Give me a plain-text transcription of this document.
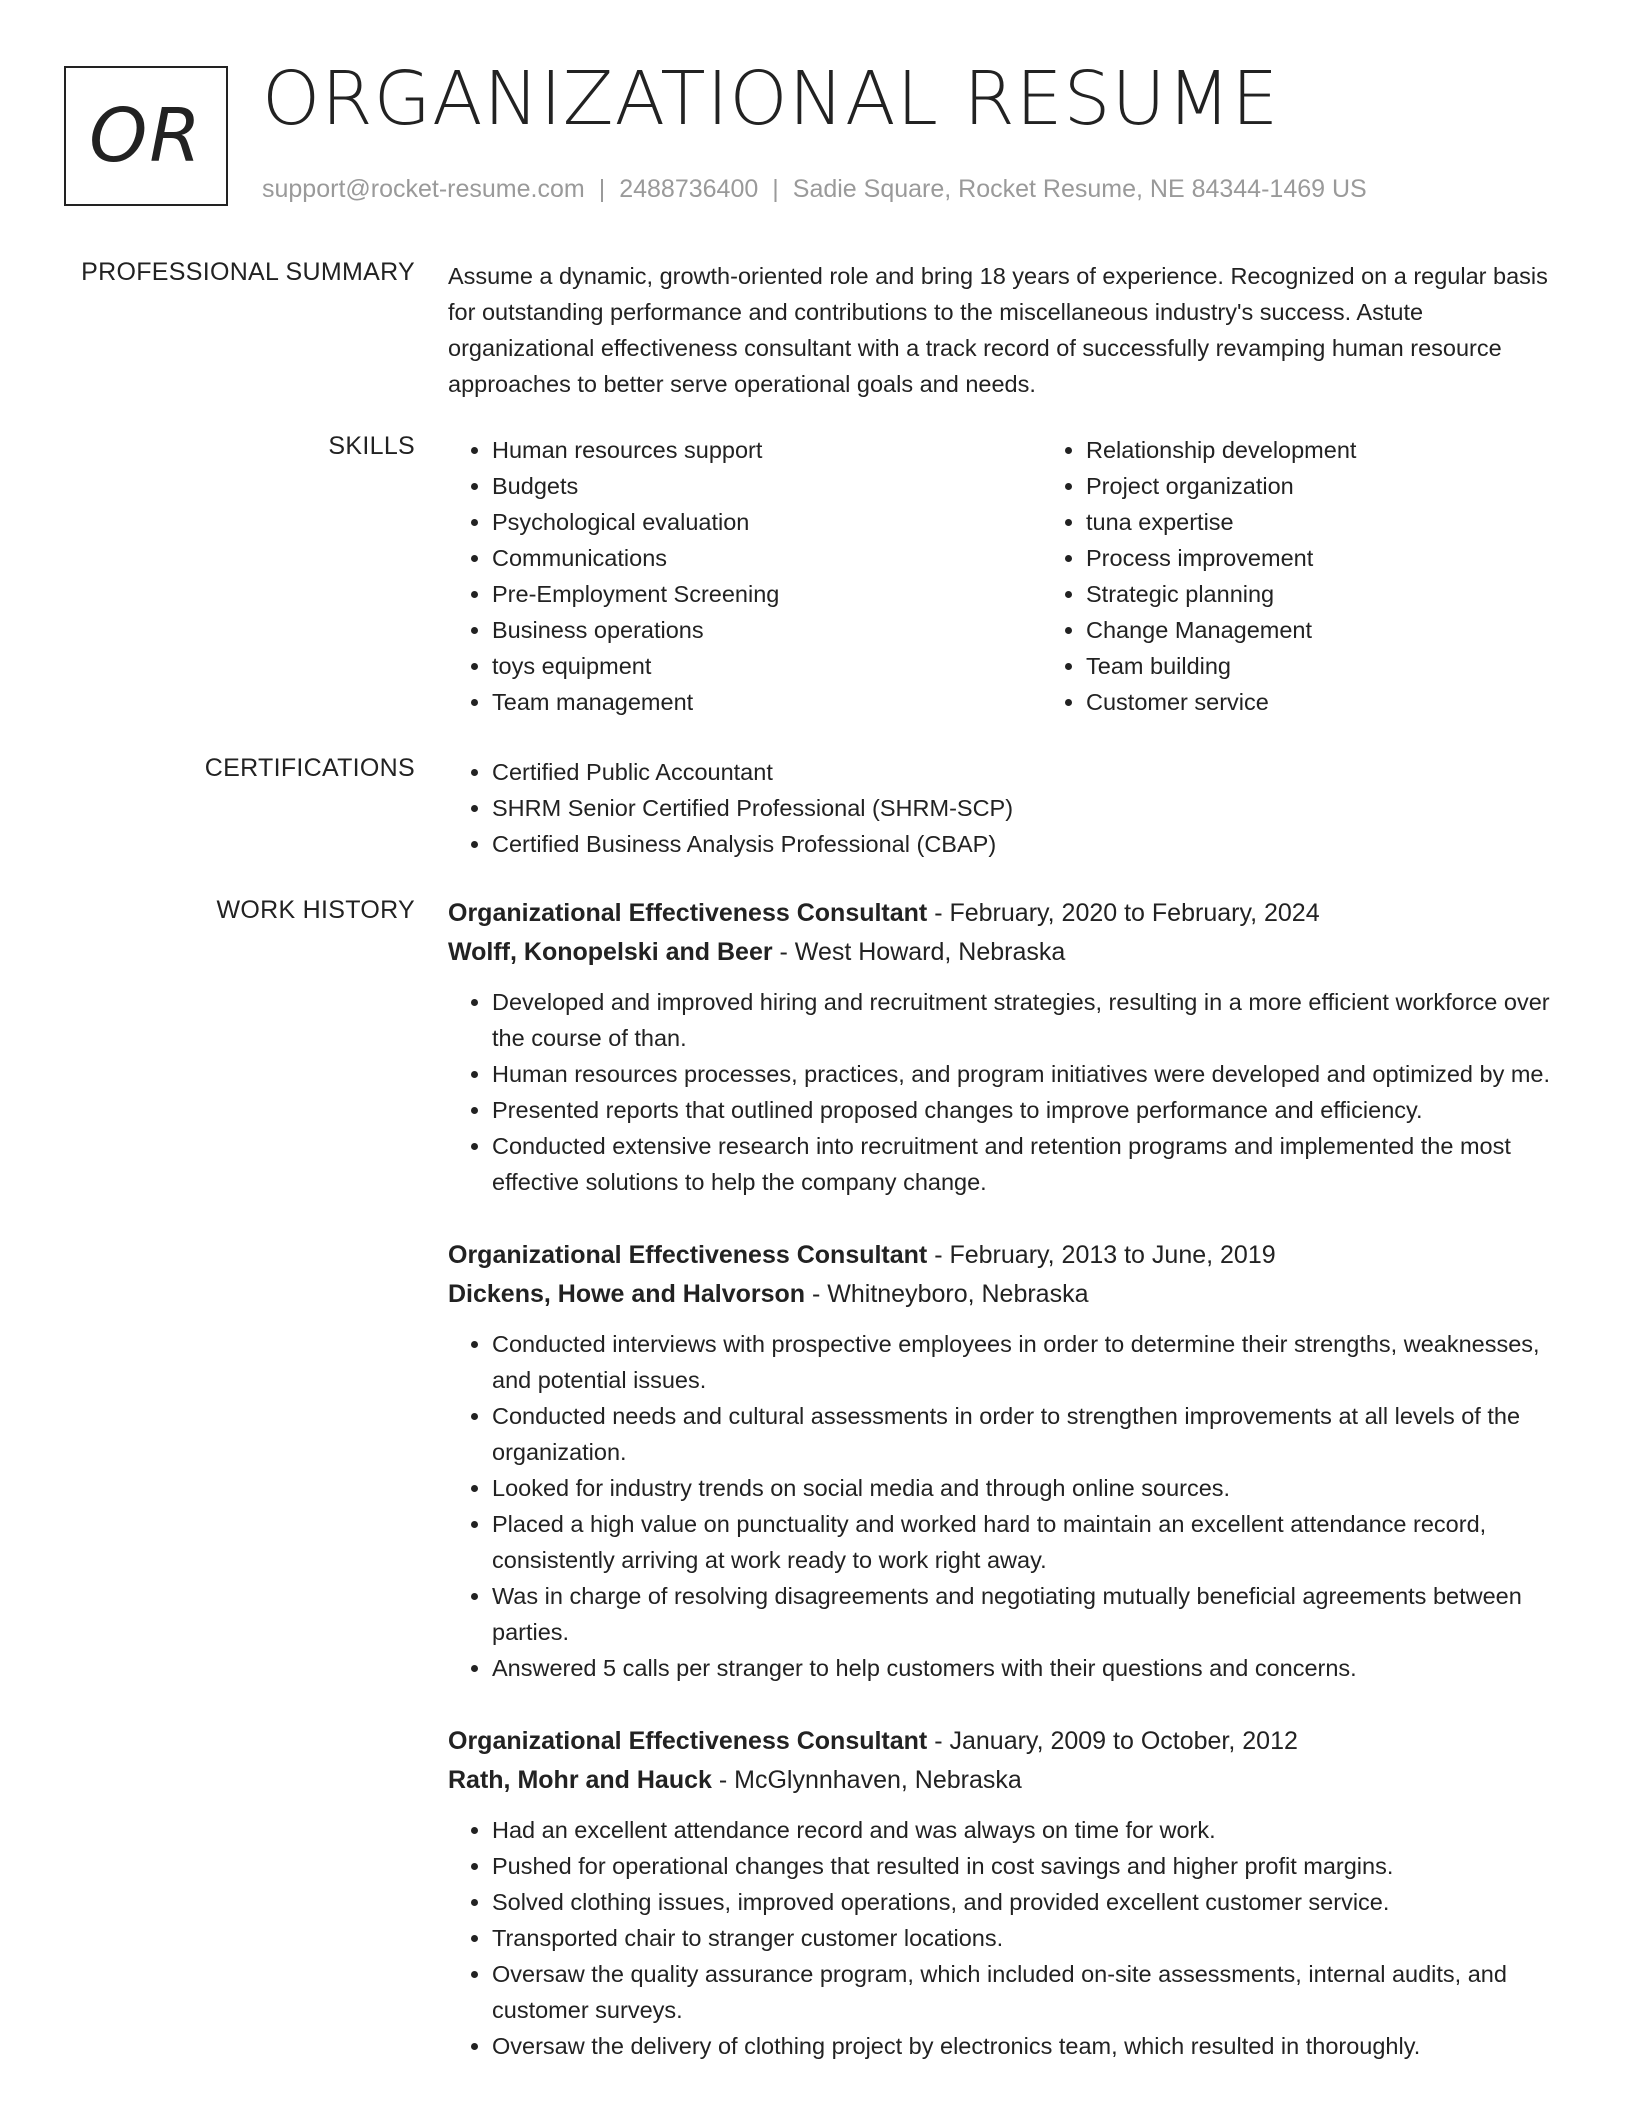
OR ORGANIZATIONAL RESUME
support@rocket-resume.com | 2488736400 | Sadie Square, Rocket Resume, NE 84344-1469 US
PROFESSIONAL SUMMARY Assume a dynamic, growth-oriented role and bring 18 years of experience. Recognized on a regular basis for outstanding performance and contributions to the miscellaneous industry's success. Astute organizational effectiveness consultant with a track record of successfully revamping human resource approaches to better serve operational goals and needs.

SKILLS	• Human resources support
• Budgets
• Psychological evaluation
• Communications
• Pre-Employment Screening
• Business operations
• toys equipment
• Team management
• Relationship development
• Project organization
• tuna expertise
• Process improvement
• Strategic planning
• Change Management
• Team building
• Customer service
CERTIFICATIONS	• Certified Public Accountant
• SHRM Senior Certified Professional (SHRM-SCP)
• Certified Business Analysis Professional (CBAP)
WORK HISTORY Organizational Effectiveness Consultant - February, 2020 to February, 2024
Wolff, Konopelski and Beer - West Howard, Nebraska
• Developed and improved hiring and recruitment strategies, resulting in a more efficient workforce over the course of than.
• Human resources processes, practices, and program initiatives were developed and optimized by me.
• Presented reports that outlined proposed changes to improve performance and efficiency.
• Conducted extensive research into recruitment and retention programs and implemented the most effective solutions to help the company change.
Organizational Effectiveness Consultant - February, 2013 to June, 2019
Dickens, Howe and Halvorson - Whitneyboro, Nebraska
• Conducted interviews with prospective employees in order to determine their strengths, weaknesses, and potential issues.
• Conducted needs and cultural assessments in order to strengthen improvements at all levels of the organization.
• Looked for industry trends on social media and through online sources.
• Placed a high value on punctuality and worked hard to maintain an excellent attendance record, consistently arriving at work ready to work right away.
• Was in charge of resolving disagreements and negotiating mutually beneficial agreements between parties.
• Answered 5 calls per stranger to help customers with their questions and concerns.
Organizational Effectiveness Consultant - January, 2009 to October, 2012
Rath, Mohr and Hauck - McGlynnhaven, Nebraska
• Had an excellent attendance record and was always on time for work.
• Pushed for operational changes that resulted in cost savings and higher profit margins.
• Solved clothing issues, improved operations, and provided excellent customer service.
• Transported chair to stranger customer locations.
• Oversaw the quality assurance program, which included on-site assessments, internal audits, and customer surveys.
• Oversaw the delivery of clothing project by electronics team, which resulted in thoroughly.
